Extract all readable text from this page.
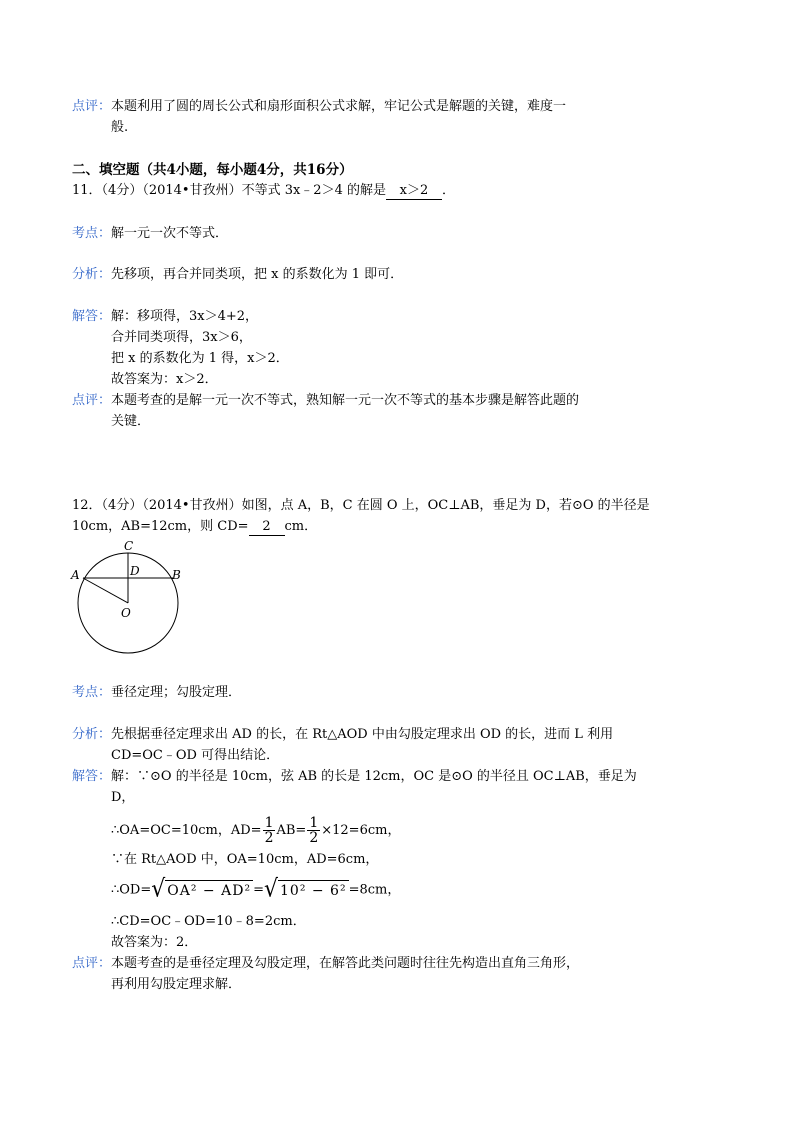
点评：本题利用了圆的周长公式和扇形面积公式求解，牢记公式是解题的关键，难度一
般.
二、填空题（共4小题，每小题4分，共16分）
11．（4分）（2014•甘孜州）不等式 3x﹣2＞4 的解是 x＞2 ．
考点：解一元一次不等式．
分析：先移项，再合并同类项，把 x 的系数化为 1 即可．
解答：解：移项得，3x＞4+2，
合并同类项得，3x＞6，
把 x 的系数化为 1 得，x＞2．
故答案为：x＞2．
点评：本题考查的是解一元一次不等式，熟知解一元一次不等式的基本步骤是解答此题的
关键．
12．（4分）（2014•甘孜州）如图，点 A，B，C 在圆 O 上，OC⊥AB，垂足为 D，若⊙O 的半径是
10cm，AB=12cm，则 CD= 2 cm．
C
D
A	B
O
考点：垂径定理；勾股定理．
分析：先根据垂径定理求出 AD 的长，在 Rt△AOD 中由勾股定理求出 OD 的长，进而 L 利用
CD=OC﹣OD 可得出结论．
解答：解：∵⊙O 的半径是 10cm，弦 AB 的长是 12cm，OC 是⊙O 的半径且 OC⊥AB，垂足为
D，
∴OA=OC=10cm，$AD= \frac{1}{2} AB= \frac{1}{2} \times 12=6cm$，
∵在 Rt△AOD 中，OA=10cm，AD=6cm，
∴OD=√ OA² − AD² =√ 10² − 6² =8cm，
∴CD=OC﹣OD=10﹣8=2cm．
故答案为：2．
点评：本题考查的是垂径定理及勾股定理，在解答此类问题时往往先构造出直角三角形，
再利用勾股定理求解．
